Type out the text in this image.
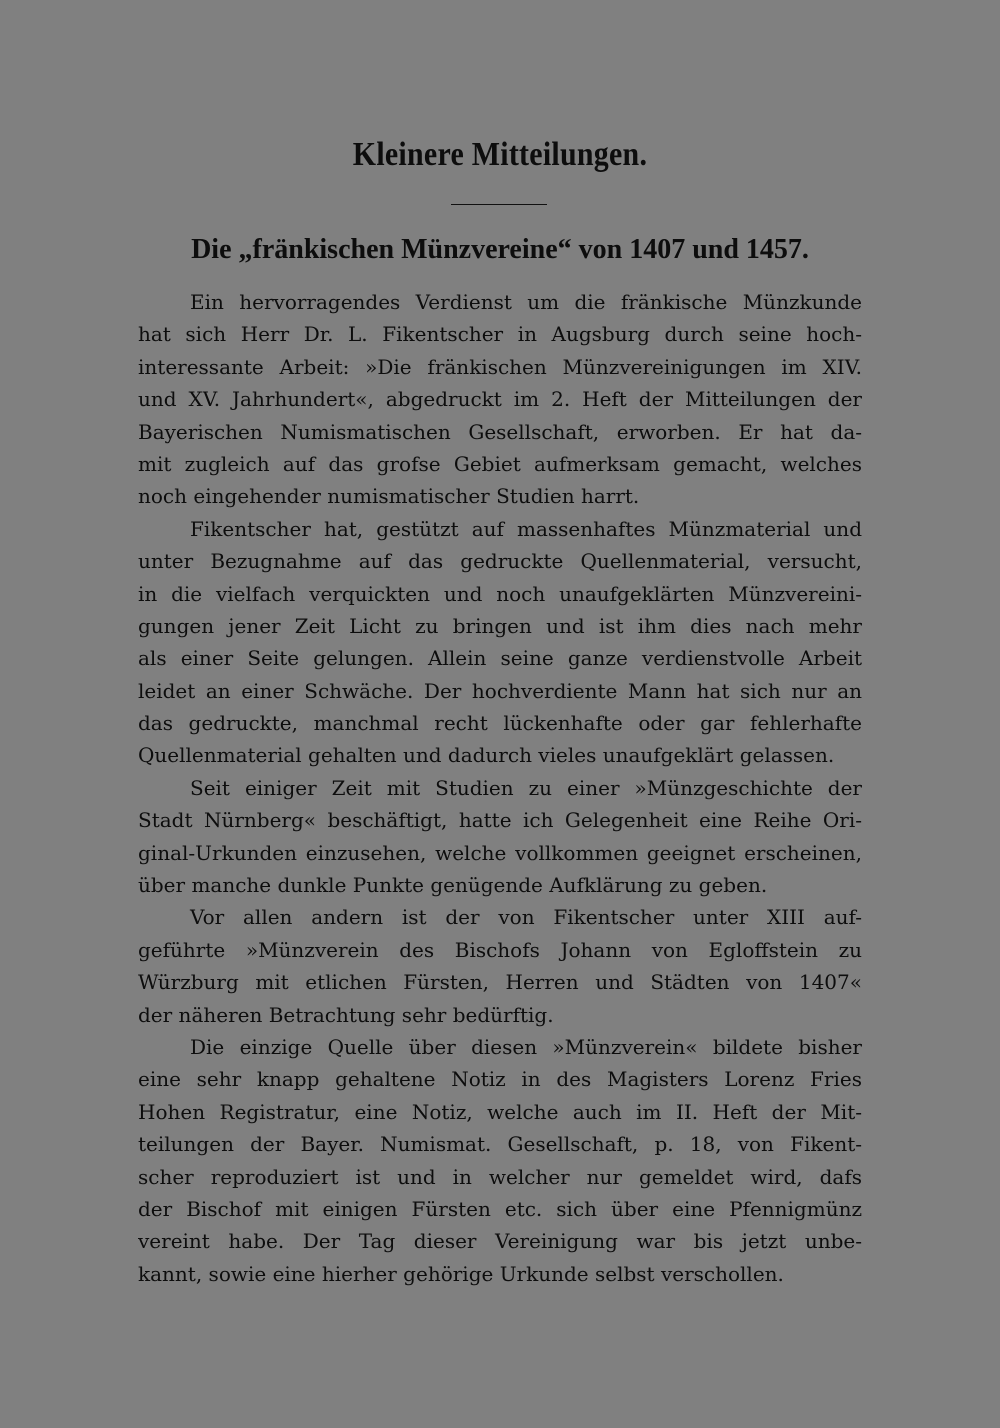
Kleinere Mitteilungen.
Die „fränkischen Münzvereine“ von 1407 und 1457.
Ein hervorragendes Verdienst um die fränkische Münzkunde
hat sich Herr Dr. L. Fikentscher in Augsburg durch seine hoch-
interessante Arbeit: »Die fränkischen Münzvereinigungen im XIV.
und XV. Jahrhundert«, abgedruckt im 2. Heft der Mitteilungen der
Bayerischen Numismatischen Gesellschaft, erworben. Er hat da-
mit zugleich auf das grofse Gebiet aufmerksam gemacht, welches
noch eingehender numismatischer Studien harrt.
Fikentscher hat, gestützt auf massenhaftes Münzmaterial und
unter Bezugnahme auf das gedruckte Quellenmaterial, versucht,
in die vielfach verquickten und noch unaufgeklärten Münzvereini-
gungen jener Zeit Licht zu bringen und ist ihm dies nach mehr
als einer Seite gelungen. Allein seine ganze verdienstvolle Arbeit
leidet an einer Schwäche. Der hochverdiente Mann hat sich nur an
das gedruckte, manchmal recht lückenhafte oder gar fehlerhafte
Quellenmaterial gehalten und dadurch vieles unaufgeklärt gelassen.
Seit einiger Zeit mit Studien zu einer »Münzgeschichte der
Stadt Nürnberg« beschäftigt, hatte ich Gelegenheit eine Reihe Ori-
ginal-Urkunden einzusehen, welche vollkommen geeignet erscheinen,
über manche dunkle Punkte genügende Aufklärung zu geben.
Vor allen andern ist der von Fikentscher unter XIII auf-
geführte »Münzverein des Bischofs Johann von Egloffstein zu
Würzburg mit etlichen Fürsten, Herren und Städten von 1407«
der näheren Betrachtung sehr bedürftig.
Die einzige Quelle über diesen »Münzverein« bildete bisher
eine sehr knapp gehaltene Notiz in des Magisters Lorenz Fries
Hohen Registratur, eine Notiz, welche auch im II. Heft der Mit-
teilungen der Bayer. Numismat. Gesellschaft, p. 18, von Fikent-
scher reproduziert ist und in welcher nur gemeldet wird, dafs
der Bischof mit einigen Fürsten etc. sich über eine Pfennigmünz
vereint habe. Der Tag dieser Vereinigung war bis jetzt unbe-
kannt, sowie eine hierher gehörige Urkunde selbst verschollen.
